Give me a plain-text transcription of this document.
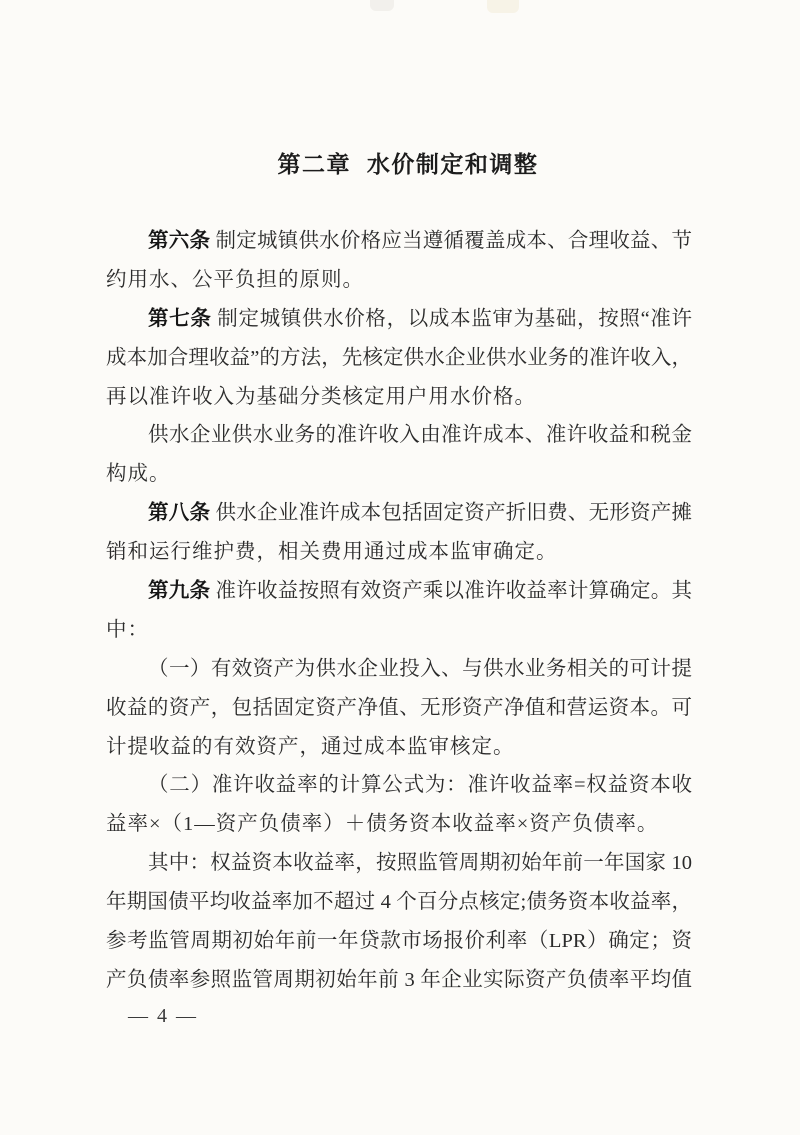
第二章 水价制定和调整
第六条 制定城镇供水价格应当遵循覆盖成本、合理收益、节
约用水、公平负担的原则。
第七条 制定城镇供水价格，以成本监审为基础，按照“准许
成本加合理收益”的方法，先核定供水企业供水业务的准许收入，
再以准许收入为基础分类核定用户用水价格。
供水企业供水业务的准许收入由准许成本、准许收益和税金
构成。
第八条 供水企业准许成本包括固定资产折旧费、无形资产摊
销和运行维护费，相关费用通过成本监审确定。
第九条 准许收益按照有效资产乘以准许收益率计算确定。其
中：
（一）有效资产为供水企业投入、与供水业务相关的可计提
收益的资产，包括固定资产净值、无形资产净值和营运资本。可
计提收益的有效资产，通过成本监审核定。
（二）准许收益率的计算公式为：准许收益率=权益资本收
益率×（1—资产负债率）＋债务资本收益率×资产负债率。
其中：权益资本收益率，按照监管周期初始年前一年国家 10
年期国债平均收益率加不超过 4 个百分点核定;债务资本收益率，
参考监管周期初始年前一年贷款市场报价利率（LPR）确定；资
产负债率参照监管周期初始年前 3 年企业实际资产负债率平均值
— 4 —
